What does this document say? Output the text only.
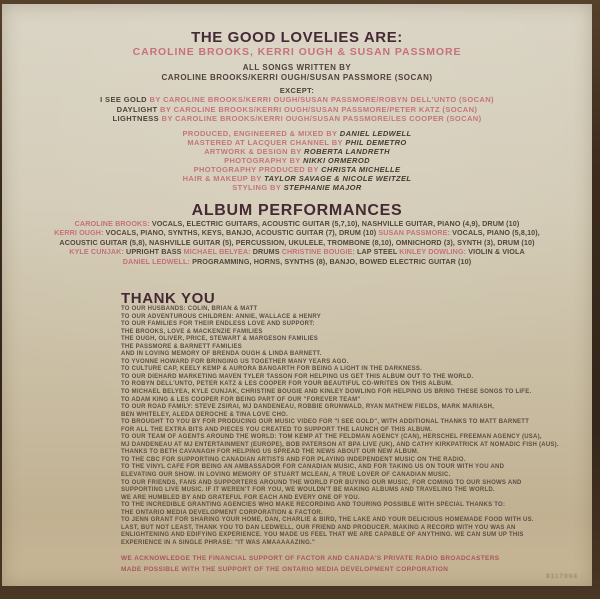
THE GOOD LOVELIES ARE:
CAROLINE BROOKS, KERRI OUGH & SUSAN PASSMORE
ALL SONGS WRITTEN BY
CAROLINE BROOKS/KERRI OUGH/SUSAN PASSMORE (SOCAN)
EXCEPT:
I SEE GOLD BY CAROLINE BROOKS/KERRI OUGH/SUSAN PASSMORE/ROBYN DELL'UNTO (SOCAN)
DAYLIGHT BY CAROLINE BROOKS/KERRI OUGH/SUSAN PASSMORE/PETER KATZ (SOCAN)
LIGHTNESS BY CAROLINE BROOKS/KERRI OUGH/SUSAN PASSMORE/LES COOPER (SOCAN)
PRODUCED, ENGINEERED & MIXED BY DANIEL LEDWELL
MASTERED AT LACQUER CHANNEL BY PHIL DEMETRO
ARTWORK & DESIGN BY ROBERTA LANDRETH
PHOTOGRAPHY BY NIKKI ORMEROD
PHOTOGRAPHY PRODUCED BY CHRISTA MICHELLE
HAIR & MAKEUP BY TAYLOR SAVAGE & NICOLE WEITZEL
STYLING BY STEPHANIE MAJOR
ALBUM PERFORMANCES
CAROLINE BROOKS: VOCALS, ELECTRIC GUITARS, ACOUSTIC GUITAR (5,7,10), NASHVILLE GUITAR, PIANO (4,9), DRUM (10)
KERRI OUGH: VOCALS, PIANO, SYNTHS, KEYS, BANJO, ACOUSTIC GUITAR (7), DRUM (10) SUSAN PASSMORE: VOCALS, PIANO (5,8,10),
ACOUSTIC GUITAR (5,8), NASHVILLE GUITAR (5), PERCUSSION, UKULELE, TROMBONE (8,10), OMNICHORD (3), SYNTH (3), DRUM (10)
KYLE CUNJAK: UPRIGHT BASS MICHAEL BELYEA: DRUMS CHRISTINE BOUGIE: LAP STEEL KINLEY DOWLING: VIOLIN & VIOLA
DANIEL LEDWELL: PROGRAMMING, HORNS, SYNTHS (8), BANJO, BOWED ELECTRIC GUITAR (10)
THANK YOU
TO OUR HUSBANDS: COLIN, BRIAN & MATT
TO OUR ADVENTUROUS CHILDREN: ANNIE, WALLACE & HENRY
TO OUR FAMILIES FOR THEIR ENDLESS LOVE AND SUPPORT:
THE BROOKS, LOVE & MACKENZIE FAMILIES
THE OUGH, OLIVER, PRICE, STEWART & MARGESON FAMILIES
THE PASSMORE & BARNETT FAMILIES
AND IN LOVING MEMORY OF BRENDA OUGH & LINDA BARNETT.
TO YVONNE HOWARD FOR BRINGING US TOGETHER MANY YEARS AGO.
TO CULTURE CAP, KEELY KEMP & AURORA BANGARTH FOR BEING A LIGHT IN THE DARKNESS.
TO OUR DIEHARD MARKETING MAVEN TYLER TASSON FOR HELPING US GET THIS ALBUM OUT TO THE WORLD.
TO ROBYN DELL'UNTO, PETER KATZ & LES COOPER FOR YOUR BEAUTIFUL CO-WRITES ON THIS ALBUM.
TO MICHAEL BELYEA, KYLE CUNJAK, CHRISTINE BOUGIE AND KINLEY DOWLING FOR HELPING US BRING THESE SONGS TO LIFE.
TO ADAM KING & LES COOPER FOR BEING PART OF OUR "FOREVER TEAM"
TO OUR ROAD FAMILY: STEVE ZSIRAI, MJ DANDENEAU, ROBBIE GRUNWALD, RYAN MATHEW FIELDS, MARK MARIASH,
BEN WHITELEY, ALEDA DEROCHE & TINA LOVE CHO.
TO BROUGHT TO YOU BY FOR PRODUCING OUR MUSIC VIDEO FOR "I SEE GOLD", WITH ADDITIONAL THANKS TO MATT BARNETT
FOR ALL THE EXTRA BITS AND PIECES YOU CREATED TO SUPPORT THE LAUNCH OF THIS ALBUM.
TO OUR TEAM OF AGENTS AROUND THE WORLD: TOM KEMP AT THE FELDMAN AGENCY (CAN), HERSCHEL FREEMAN AGENCY (USA),
MJ DANDENEAU AT MJ ENTERTAINMENT (EUROPE), BOB PATERSON AT BPA LIVE (UK), AND CATHY KIRKPATRICK AT NOMADIC FISH (AUS).
THANKS TO BETH CAVANAGH FOR HELPING US SPREAD THE NEWS ABOUT OUR NEW ALBUM.
TO THE CBC FOR SUPPORTING CANADIAN ARTISTS AND FOR PLAYING INDEPENDENT MUSIC ON THE RADIO.
TO THE VINYL CAFE FOR BEING AN AMBASSADOR FOR CANADIAN MUSIC, AND FOR TAKING US ON TOUR WITH YOU AND
ELEVATING OUR SHOW. IN LOVING MEMORY OF STUART MCLEAN, A TRUE LOVER OF CANADIAN MUSIC.
TO OUR FRIENDS, FANS AND SUPPORTERS AROUND THE WORLD FOR BUYING OUR MUSIC, FOR COMING TO OUR SHOWS AND
SUPPORTING LIVE MUSIC. IF IT WEREN'T FOR YOU, WE WOULDN'T BE MAKING ALBUMS AND TRAVELING THE WORLD.
WE ARE HUMBLED BY AND GRATEFUL FOR EACH AND EVERY ONE OF YOU.
TO THE INCREDIBLE GRANTING AGENCIES WHO MAKE RECORDING AND TOURING POSSIBLE WITH SPECIAL THANKS TO:
THE ONTARIO MEDIA DEVELOPMENT CORPORATION & FACTOR.
TO JENN GRANT FOR SHARING YOUR HOME, DAN, CHARLIE & BIRD, THE LAKE AND YOUR DELICIOUS HOMEMADE FOOD WITH US.
LAST, BUT NOT LEAST, THANK YOU TO DAN LEDWELL, OUR FRIEND AND PRODUCER. MAKING A RECORD WITH YOU WAS AN
ENLIGHTENING AND EDIFYING EXPERIENCE. YOU MADE US FEEL THAT WE ARE CAPABLE OF ANYTHING. WE CAN SUM UP THIS
EXPERIENCE IN A SINGLE PHRASE: "IT WAS AMAAAAAZING."
WE ACKNOWLEDGE THE FINANCIAL SUPPORT OF FACTOR AND CANADA'S PRIVATE RADIO BROADCASTERS
MADE POSSIBLE WITH THE SUPPORT OF THE ONTARIO MEDIA DEVELOPMENT CORPORATION
8117004
